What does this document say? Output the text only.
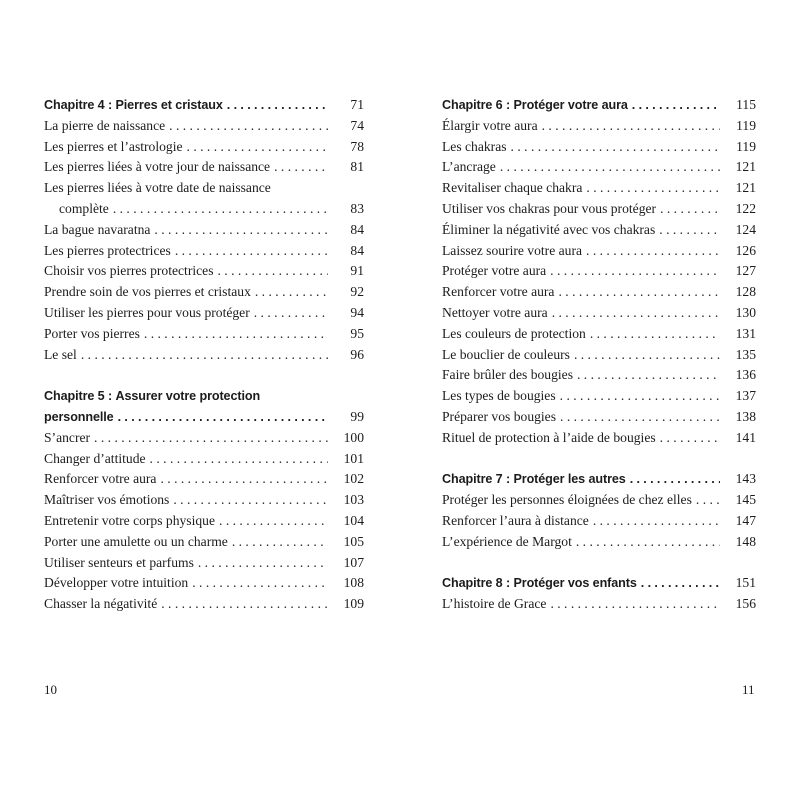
Chapitre 4 : Pierres et cristaux . . .	71
La pierre de naissance . . .	74
Les pierres et l’astrologie . . .	78
Les pierres liées à votre jour de naissance . . .	81
Les pierres liées à votre date de naissance
complète . . .	83
La bague navaratna . . .	84
Les pierres protectrices . . .	84
Choisir vos pierres protectrices . . .	91
Prendre soin de vos pierres et cristaux . . .	92
Utiliser les pierres pour vous protéger . . .	94
Porter vos pierres . . .	95
Le sel . . .	96
Chapitre 5 : Assurer votre protection
personnelle . . .	99
S’ancrer . . .	100
Changer d’attitude . . .	101
Renforcer votre aura . . .	102
Maîtriser vos émotions . . .	103
Entretenir votre corps physique . . .	104
Porter une amulette ou un charme . . .	105
Utiliser senteurs et parfums . . .	107
Développer votre intuition . . .	108
Chasser la négativité . . .	109
10
Chapitre 6 : Protéger votre aura . . .	115
Élargir votre aura . . .	119
Les chakras . . .	119
L’ancrage . . .	121
Revitaliser chaque chakra . . .	121
Utiliser vos chakras pour vous protéger . . .	122
Éliminer la négativité avec vos chakras . . .	124
Laissez sourire votre aura . . .	126
Protéger votre aura . . .	127
Renforcer votre aura . . .	128
Nettoyer votre aura . . .	130
Les couleurs de protection . . .	131
Le bouclier de couleurs . . .	135
Faire brûler des bougies . . .	136
Les types de bougies . . .	137
Préparer vos bougies . . .	138
Rituel de protection à l’aide de bougies . . .	141
Chapitre 7 : Protéger les autres . . .	143
Protéger les personnes éloignées de chez elles . . .	145
Renforcer l’aura à distance . . .	147
L’expérience de Margot . . .	148
Chapitre 8 : Protéger vos enfants . . .	151
L’histoire de Grace . . .	156
11
